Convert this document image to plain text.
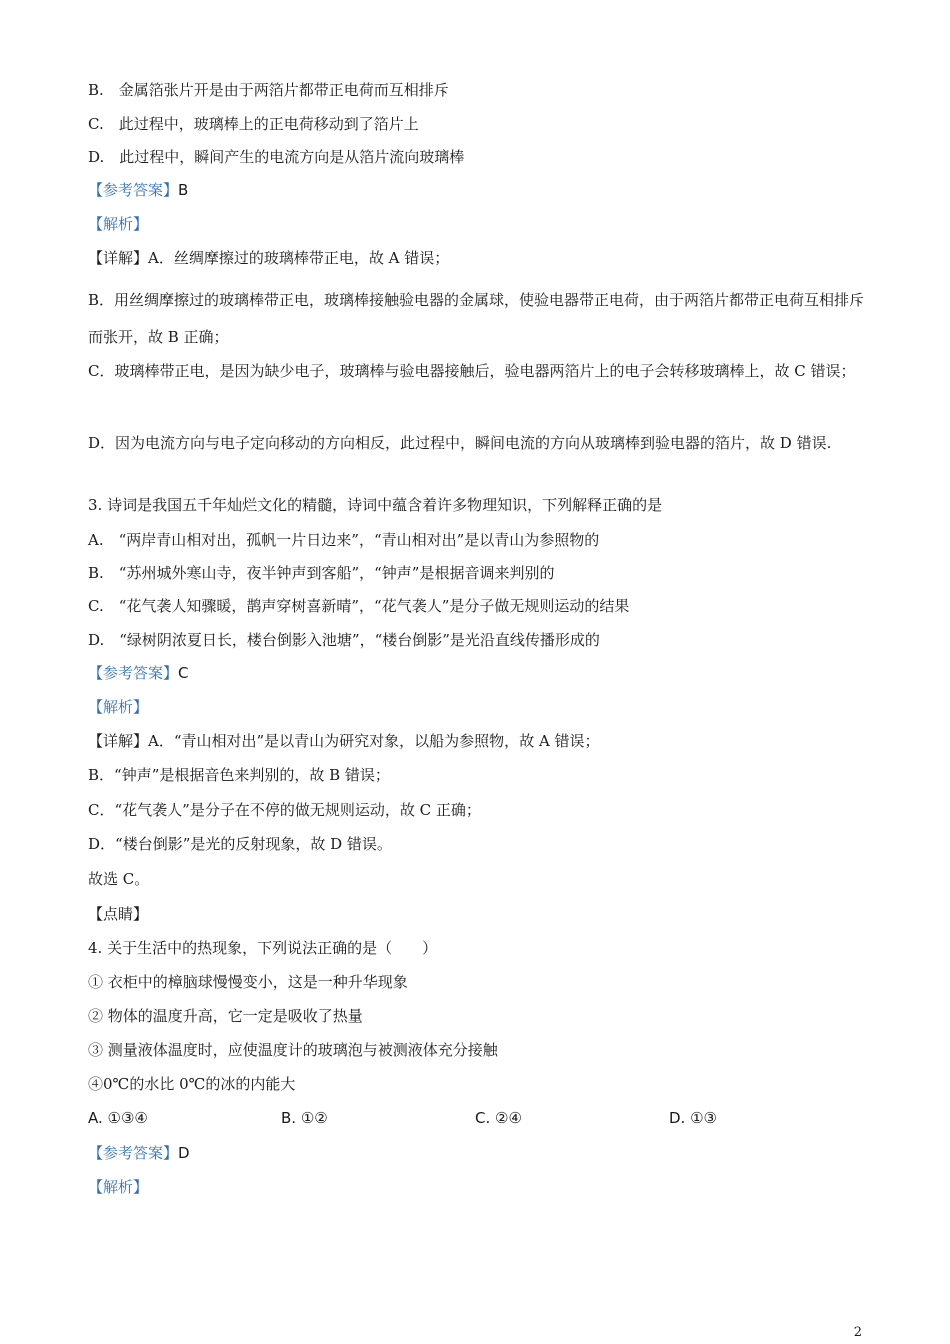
B.　金属箔张片开是由于两箔片都带正电荷而互相排斥
C.　此过程中，玻璃棒上的正电荷移动到了箔片上
D.　此过程中，瞬间产生的电流方向是从箔片流向玻璃棒
【参考答案】B
【解析】
【详解】A．丝绸摩擦过的玻璃棒带正电，故 A 错误；
B．用丝绸摩擦过的玻璃棒带正电，玻璃棒接触验电器的金属球，使验电器带正电荷，由于两箔片都带正电荷互相排斥而张开，故 B 正确；
C．玻璃棒带正电，是因为缺少电子，玻璃棒与验电器接触后，验电器两箔片上的电子会转移玻璃棒上，故 C 错误；
D．因为电流方向与电子定向移动的方向相反，此过程中，瞬间电流的方向从玻璃棒到验电器的箔片，故 D 错误.
3. 诗词是我国五千年灿烂文化的精髓，诗词中蕴含着许多物理知识，下列解释正确的是
A.　“两岸青山相对出，孤帆一片日边来”，“青山相对出”是以青山为参照物的
B.　“苏州城外寒山寺，夜半钟声到客船”，“钟声”是根据音调来判别的
C.　“花气袭人知骤暖，鹊声穿树喜新晴”，“花气袭人”是分子做无规则运动的结果
D.　“绿树阴浓夏日长，楼台倒影入池塘”，“楼台倒影”是光沿直线传播形成的
【参考答案】C
【解析】
【详解】A．“青山相对出”是以青山为研究对象，以船为参照物，故 A 错误；
B．“钟声”是根据音色来判别的，故 B 错误；
C．“花气袭人”是分子在不停的做无规则运动，故 C 正确；
D．“楼台倒影”是光的反射现象，故 D 错误。
故选 C。
【点睛】
4. 关于生活中的热现象，下列说法正确的是（　　）
① 衣柜中的樟脑球慢慢变小，这是一种升华现象
② 物体的温度升高，它一定是吸收了热量
③ 测量液体温度时，应使温度计的玻璃泡与被测液体充分接触
④0℃的水比 0℃的冰的内能大
A. ①③④	B. ①②	C. ②④	D. ①③
【参考答案】D
【解析】
2
